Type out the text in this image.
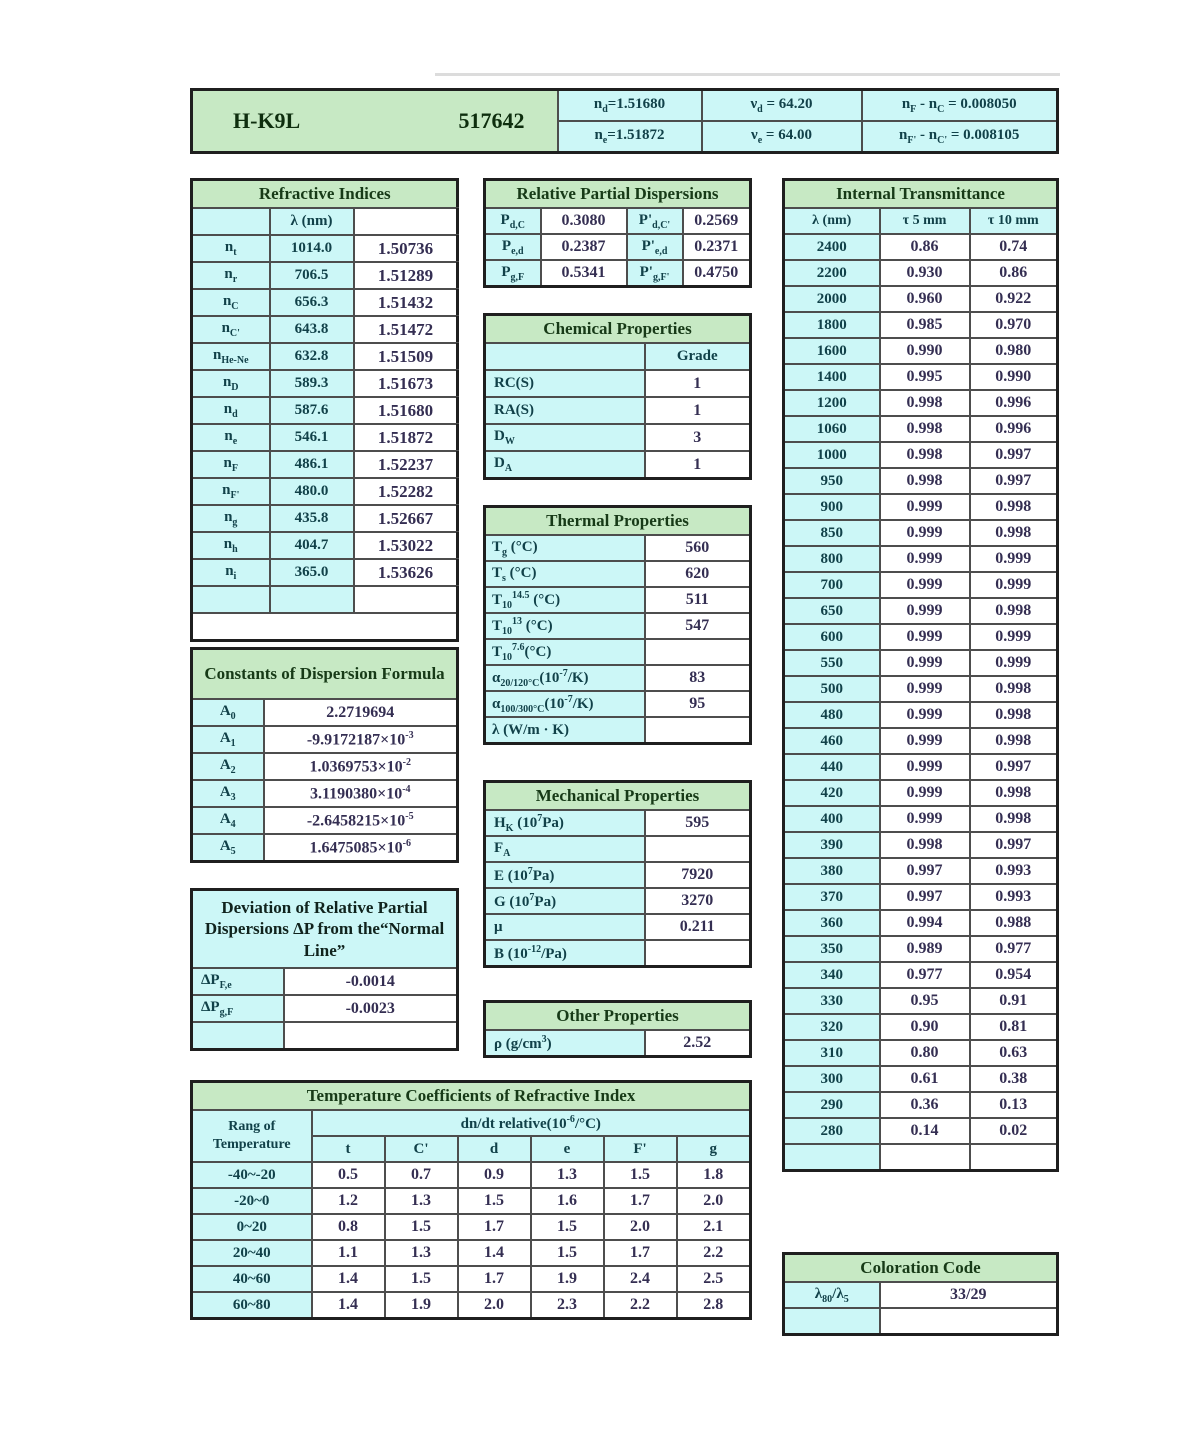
H-K9L 517642	$n_d=1.51680$	$\nu_d = 64.20$	$n_F - n_C = 0.008050$
	$n_e=1.51872$	$\nu_e = 64.00$	$n_{F'} - n_{C'} = 0.008105$
Refractive Indices		
	λ (nm)	
$n_t$	1014.0	1.50736
$n_r$	706.5	1.51289
$n_C$	656.3	1.51432
$n_{C'}$	643.8	1.51472
$n_{He-Ne}$	632.8	1.51509
$n_D$	589.3	1.51673
$n_d$	587.6	1.51680
$n_e$	546.1	1.51872
$n_F$	486.1	1.52237
$n_{F'}$	480.0	1.52282
$n_g$	435.8	1.52667
$n_h$	404.7	1.53022
$n_i$	365.0	1.53626

Constants of Dispersion Formula	
$A_0$	2.2719694
$A_1$	$-9.9172187\times 10^{-3}$
$A_2$	$1.0369753\times 10^{-2}$
$A_3$	$3.1190380\times 10^{-4}$
$A_4$	$-2.6458215\times 10^{-5}$
$A_5$	$1.6475085\times 10^{-6}$
Deviation of Relative Partial Dispersions ΔP from the“Normal Line”	
$\Delta P_{F,e}$	-0.0014
$\Delta P_{g,F}$	-0.0023

Relative Partial Dispersions			
$P_{d,C}$	0.3080	$P'_{d,C'}$	0.2569
$P_{e,d}$	0.2387	$P'_{e,d}$	0.2371
$P_{g,F}$	0.5341	$P'_{g,F'}$	0.4750
Chemical Properties	
	Grade
RC(S)	1
RA(S)	1
$D_W$	3
$D_A$	1
Thermal Properties	
$T_g$ (°C)	560
$T_s$ (°C)	620
$T_{10}^{14.5}$ (°C)	511
$T_{10}^{13}$ (°C)	547
$T_{10}^{7.6}(^\circ C)$	
$\alpha_{20/120^\circ C}(10^{-7}/K)$	83
$\alpha_{100/300^\circ C}(10^{-7}/K)$	95
λ (W/m · K)	
Mechanical Properties	
$H_K$ $(10^7Pa)$	595
$F_A$	
E $(10^7Pa)$	7920
G $(10^7Pa)$	3270
μ	0.211
B $(10^{-12}/Pa)$	
Other Properties
ρ $(g/cm^3)$	2.52
Internal Transmittance		
λ (nm)	τ 5 mm	τ 10 mm
2400	0.86	0.74
2200	0.930	0.86
2000	0.960	0.922
1800	0.985	0.970
1600	0.990	0.980
1400	0.995	0.990
1200	0.998	0.996
1060	0.998	0.996
1000	0.998	0.997
950	0.998	0.997
900	0.999	0.998
850	0.999	0.998
800	0.999	0.999
700	0.999	0.999
650	0.999	0.998
600	0.999	0.999
550	0.999	0.999
500	0.999	0.998
480	0.999	0.998
460	0.999	0.998
440	0.999	0.997
420	0.999	0.998
400	0.999	0.998
390	0.998	0.997
380	0.997	0.993
370	0.997	0.993
360	0.994	0.988
350	0.989	0.977
340	0.977	0.954
330	0.95	0.91
320	0.90	0.81
310	0.80	0.63
300	0.61	0.38
290	0.36	0.13
280	0.14	0.02

Coloration Code	
$\lambda_{80}/\lambda_5$	33/29

Temperature Coefficients of Refractive Index						
Rang of Temperature	dn/dt $relative(10^{-6}/^\circ C)$					
	t	C'	d	e	F'	g
-40~-20	0.5	0.7	0.9	1.3	1.5	1.8
-20~0	1.2	1.3	1.5	1.6	1.7	2.0
0~20	0.8	1.5	1.7	1.5	2.0	2.1
20~40	1.1	1.3	1.4	1.5	1.7	2.2
40~60	1.4	1.5	1.7	1.9	2.4	2.5
60~80	1.4	1.9	2.0	2.3	2.2	2.8
